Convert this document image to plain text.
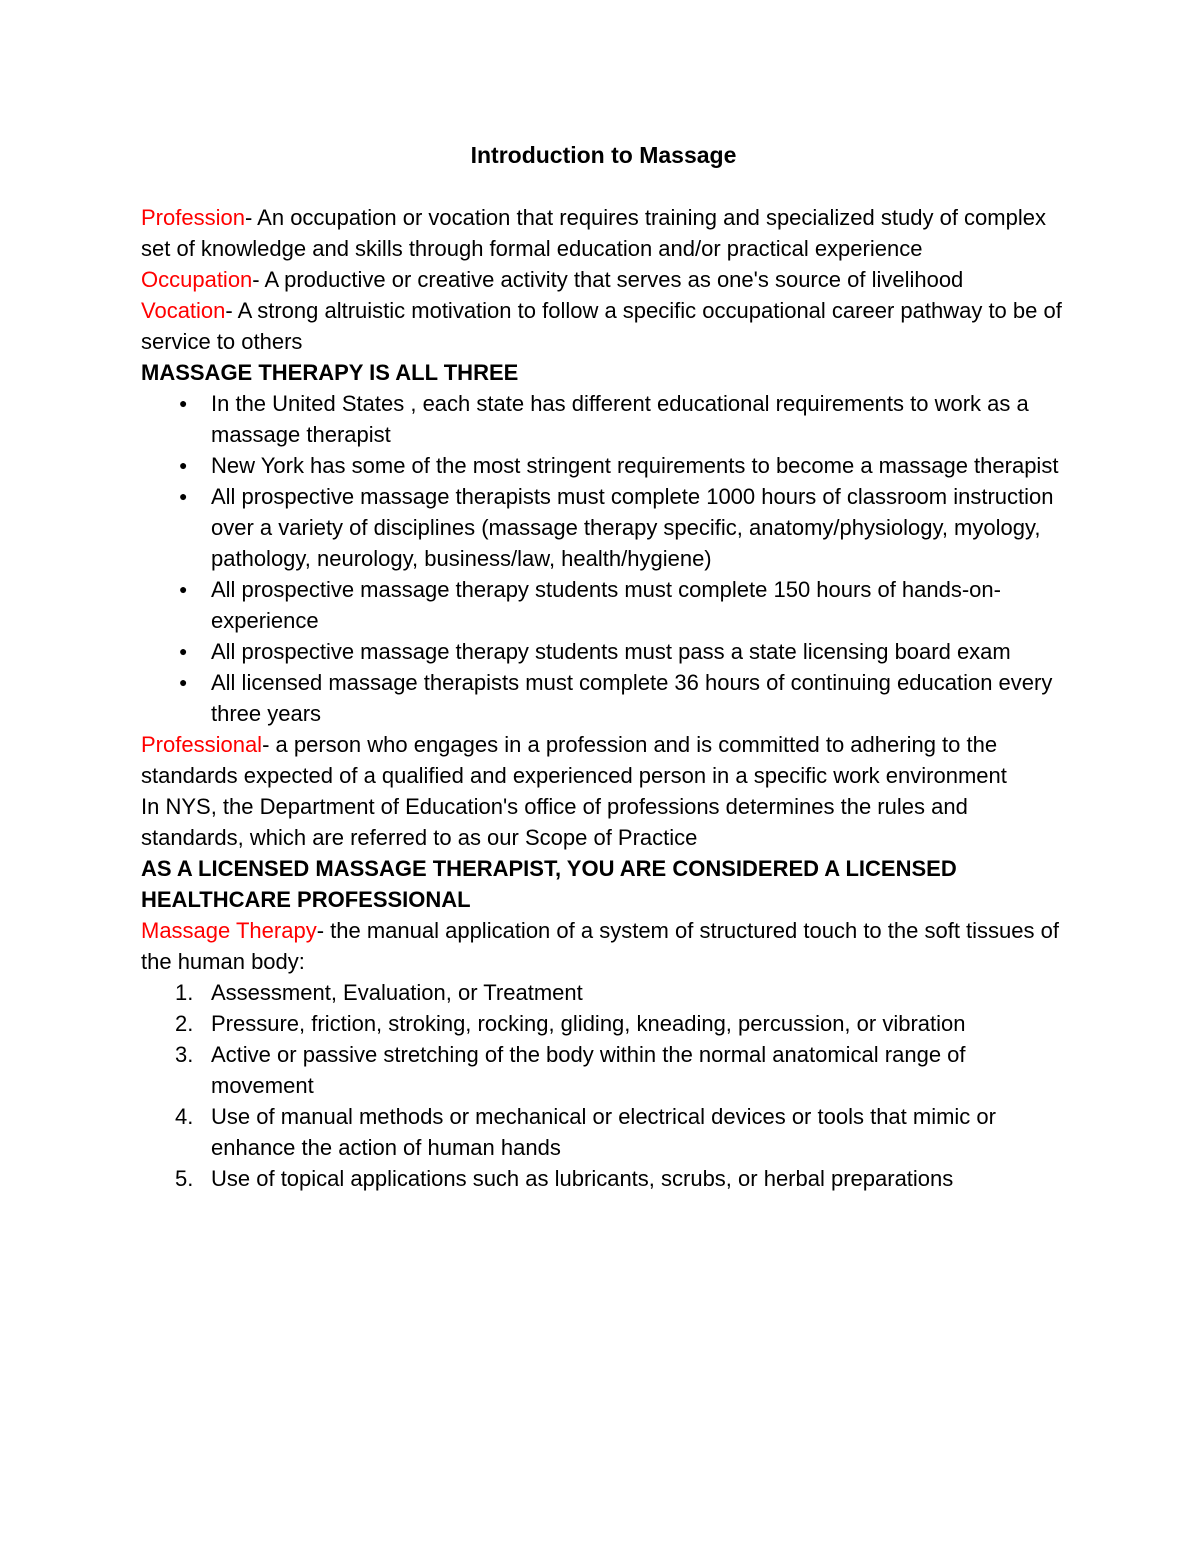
Introduction to Massage

Profession- An occupation or vocation that requires training and specialized study of complex set of knowledge and skills through formal education and/or practical experience

Occupation- A productive or creative activity that serves as one's source of livelihood

Vocation- A strong altruistic motivation to follow a specific occupational career pathway to be of service to others

MASSAGE THERAPY IS ALL THREE

● In the United States , each state has different educational requirements to work as a massage therapist
● New York has some of the most stringent requirements to become a massage therapist
● All prospective massage therapists must complete 1000 hours of classroom instruction over a variety of disciplines (massage therapy specific, anatomy/physiology, myology, pathology, neurology, business/law, health/hygiene)
● All prospective massage therapy students must complete 150 hours of hands-on-experience
● All prospective massage therapy students must pass a state licensing board exam
● All licensed massage therapists must complete 36 hours of continuing education every three years

Professional- a person who engages in a profession and is committed to adhering to the standards expected of a qualified and experienced person in a specific work environment

In NYS, the Department of Education's office of professions determines the rules and standards, which are referred to as our Scope of Practice

AS A LICENSED MASSAGE THERAPIST, YOU ARE CONSIDERED A LICENSED HEALTHCARE PROFESSIONAL

Massage Therapy- the manual application of a system of structured touch to the soft tissues of the human body:

1. Assessment, Evaluation, or Treatment
2. Pressure, friction, stroking, rocking, gliding, kneading, percussion, or vibration
3. Active or passive stretching of the body within the normal anatomical range of movement
4. Use of manual methods or mechanical or electrical devices or tools that mimic or enhance the action of human hands
5. Use of topical applications such as lubricants, scrubs, or herbal preparations
